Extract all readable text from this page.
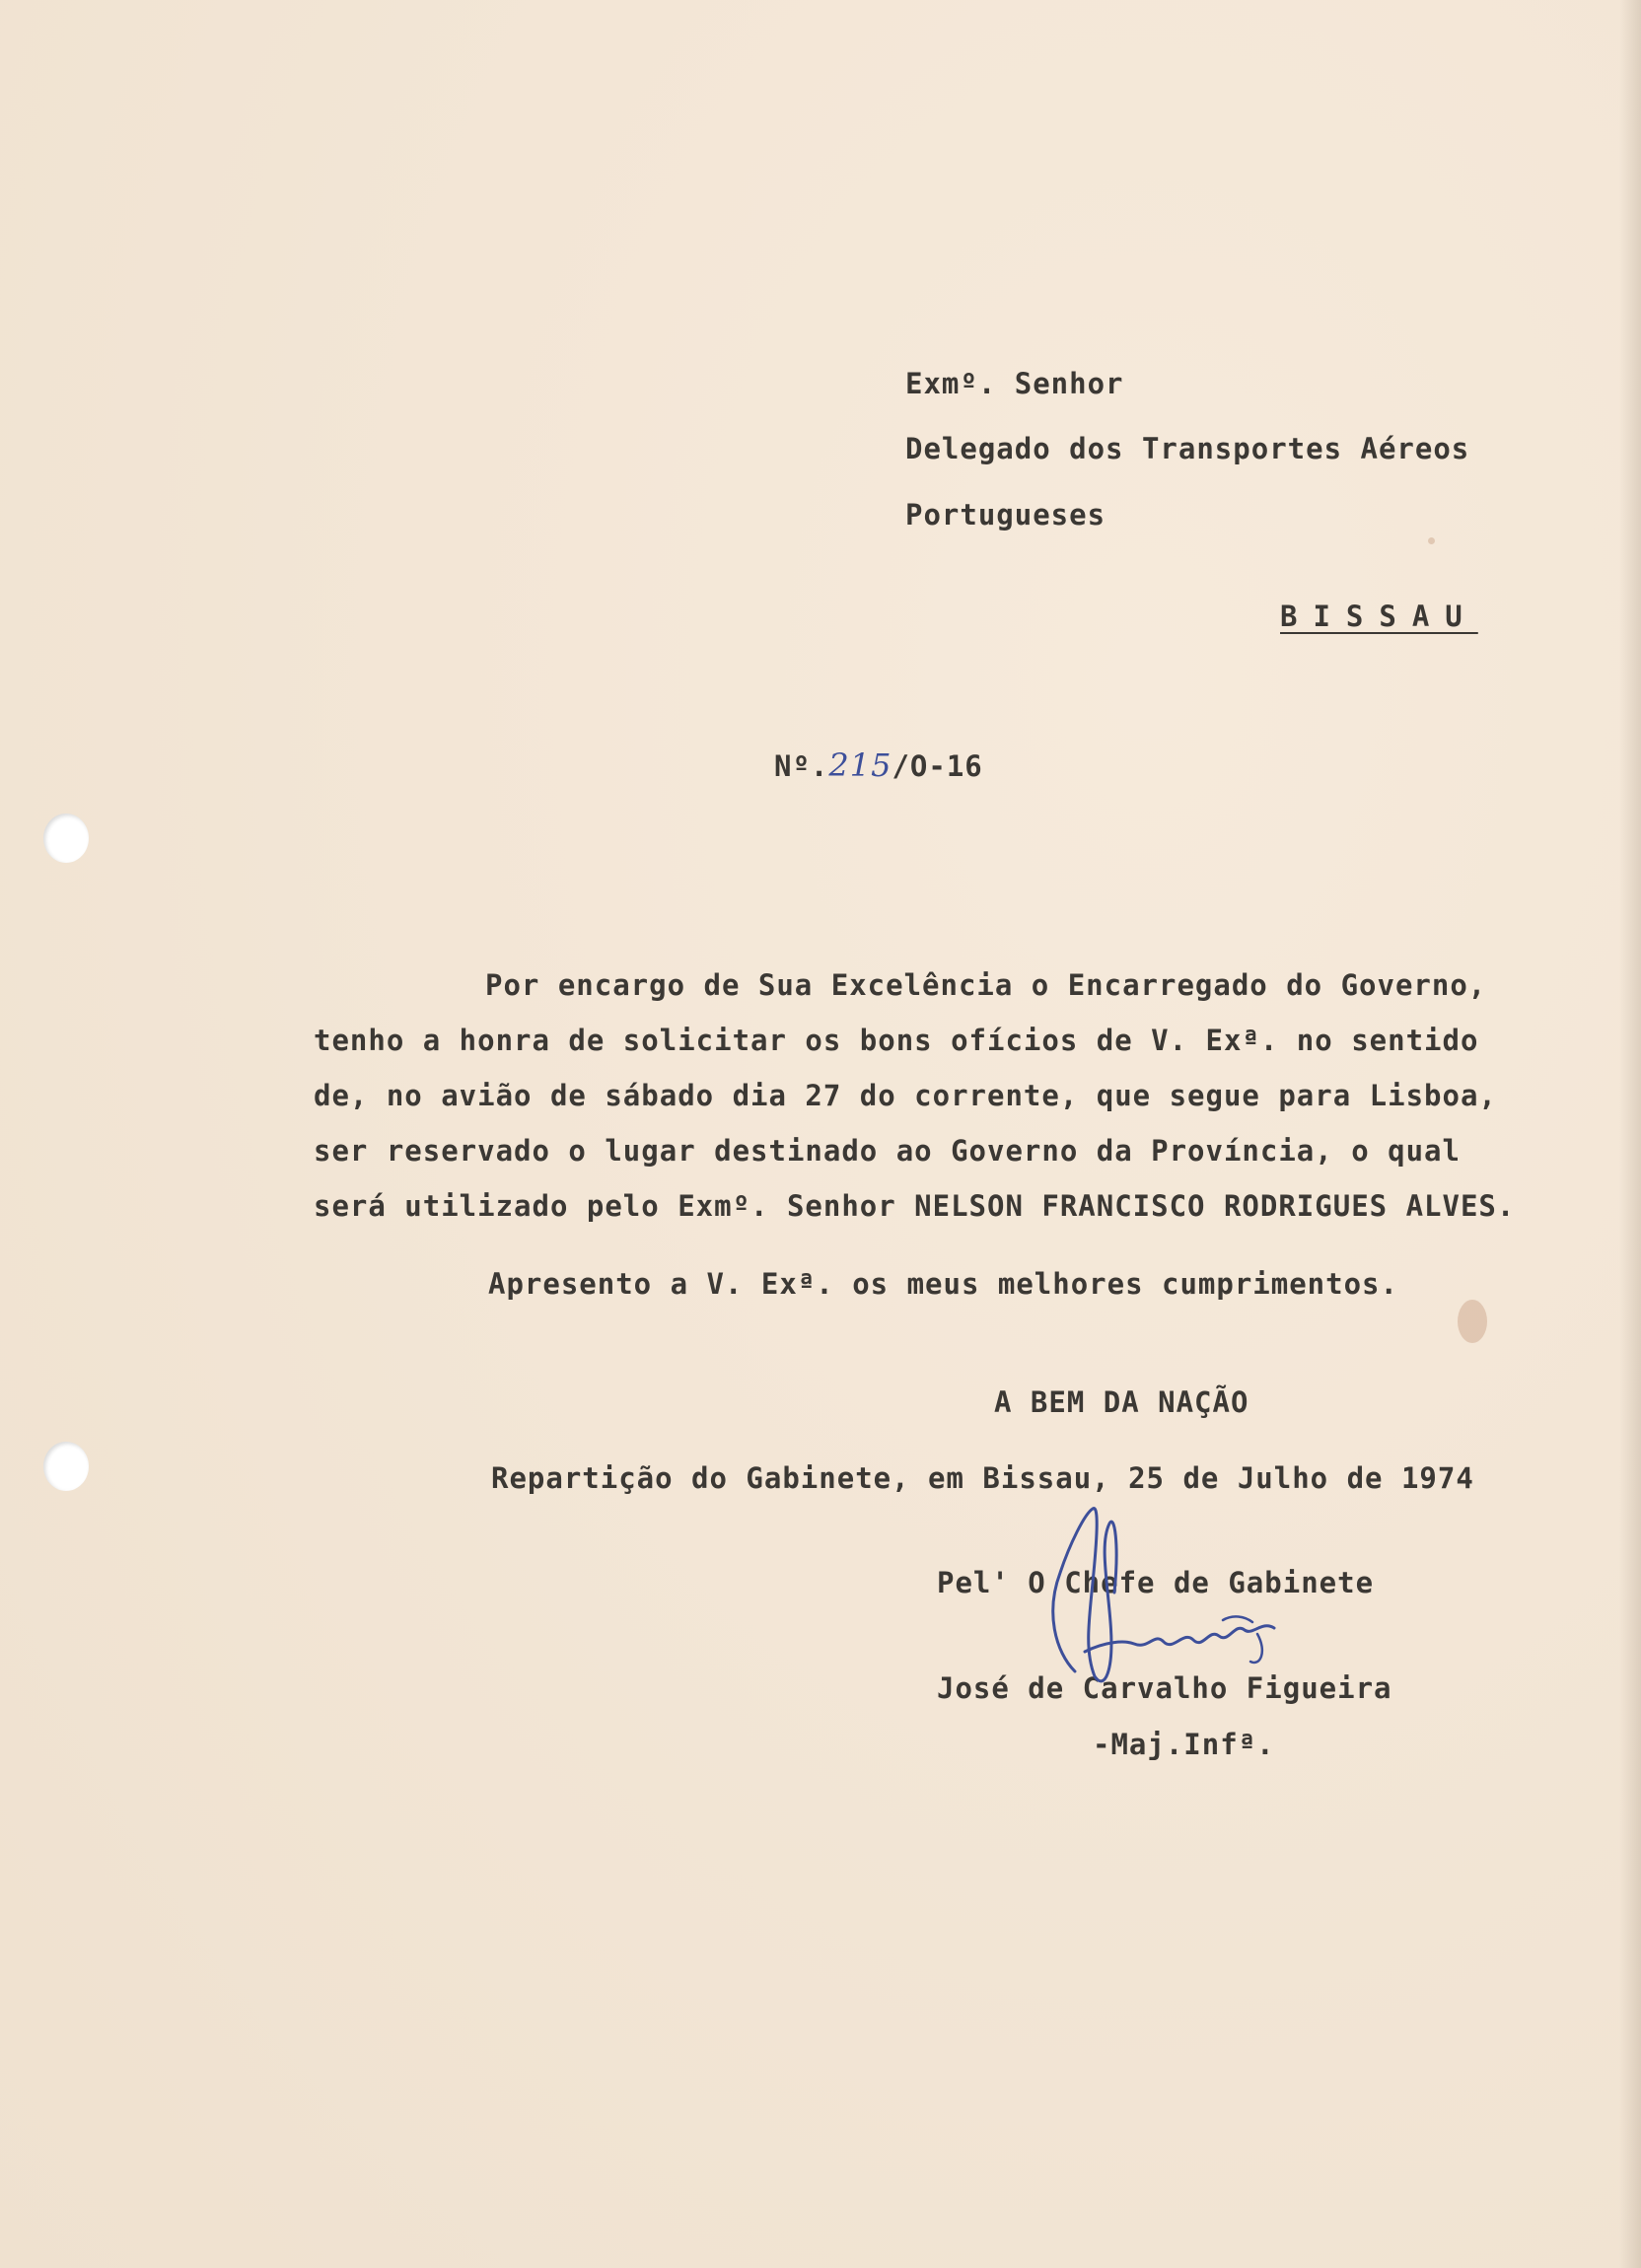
Exmº. Senhor
Delegado dos Transportes Aéreos
Portugueses
BISSAU
Nº.215/O-16
Por encargo de Sua Excelência o Encarregado do Governo,
tenho a honra de solicitar os bons ofícios de V. Exª. no sentido
de, no avião de sábado dia 27 do corrente, que segue para Lisboa,
ser reservado o lugar destinado ao Governo da Província, o qual
será utilizado pelo Exmº. Senhor NELSON FRANCISCO RODRIGUES ALVES.
Apresento a V. Exª. os meus melhores cumprimentos.
A BEM DA NAÇÃO
Repartição do Gabinete, em Bissau, 25 de Julho de 1974
Pel' O Chefe de Gabinete
José de Carvalho Figueira
-Maj.Infª.
